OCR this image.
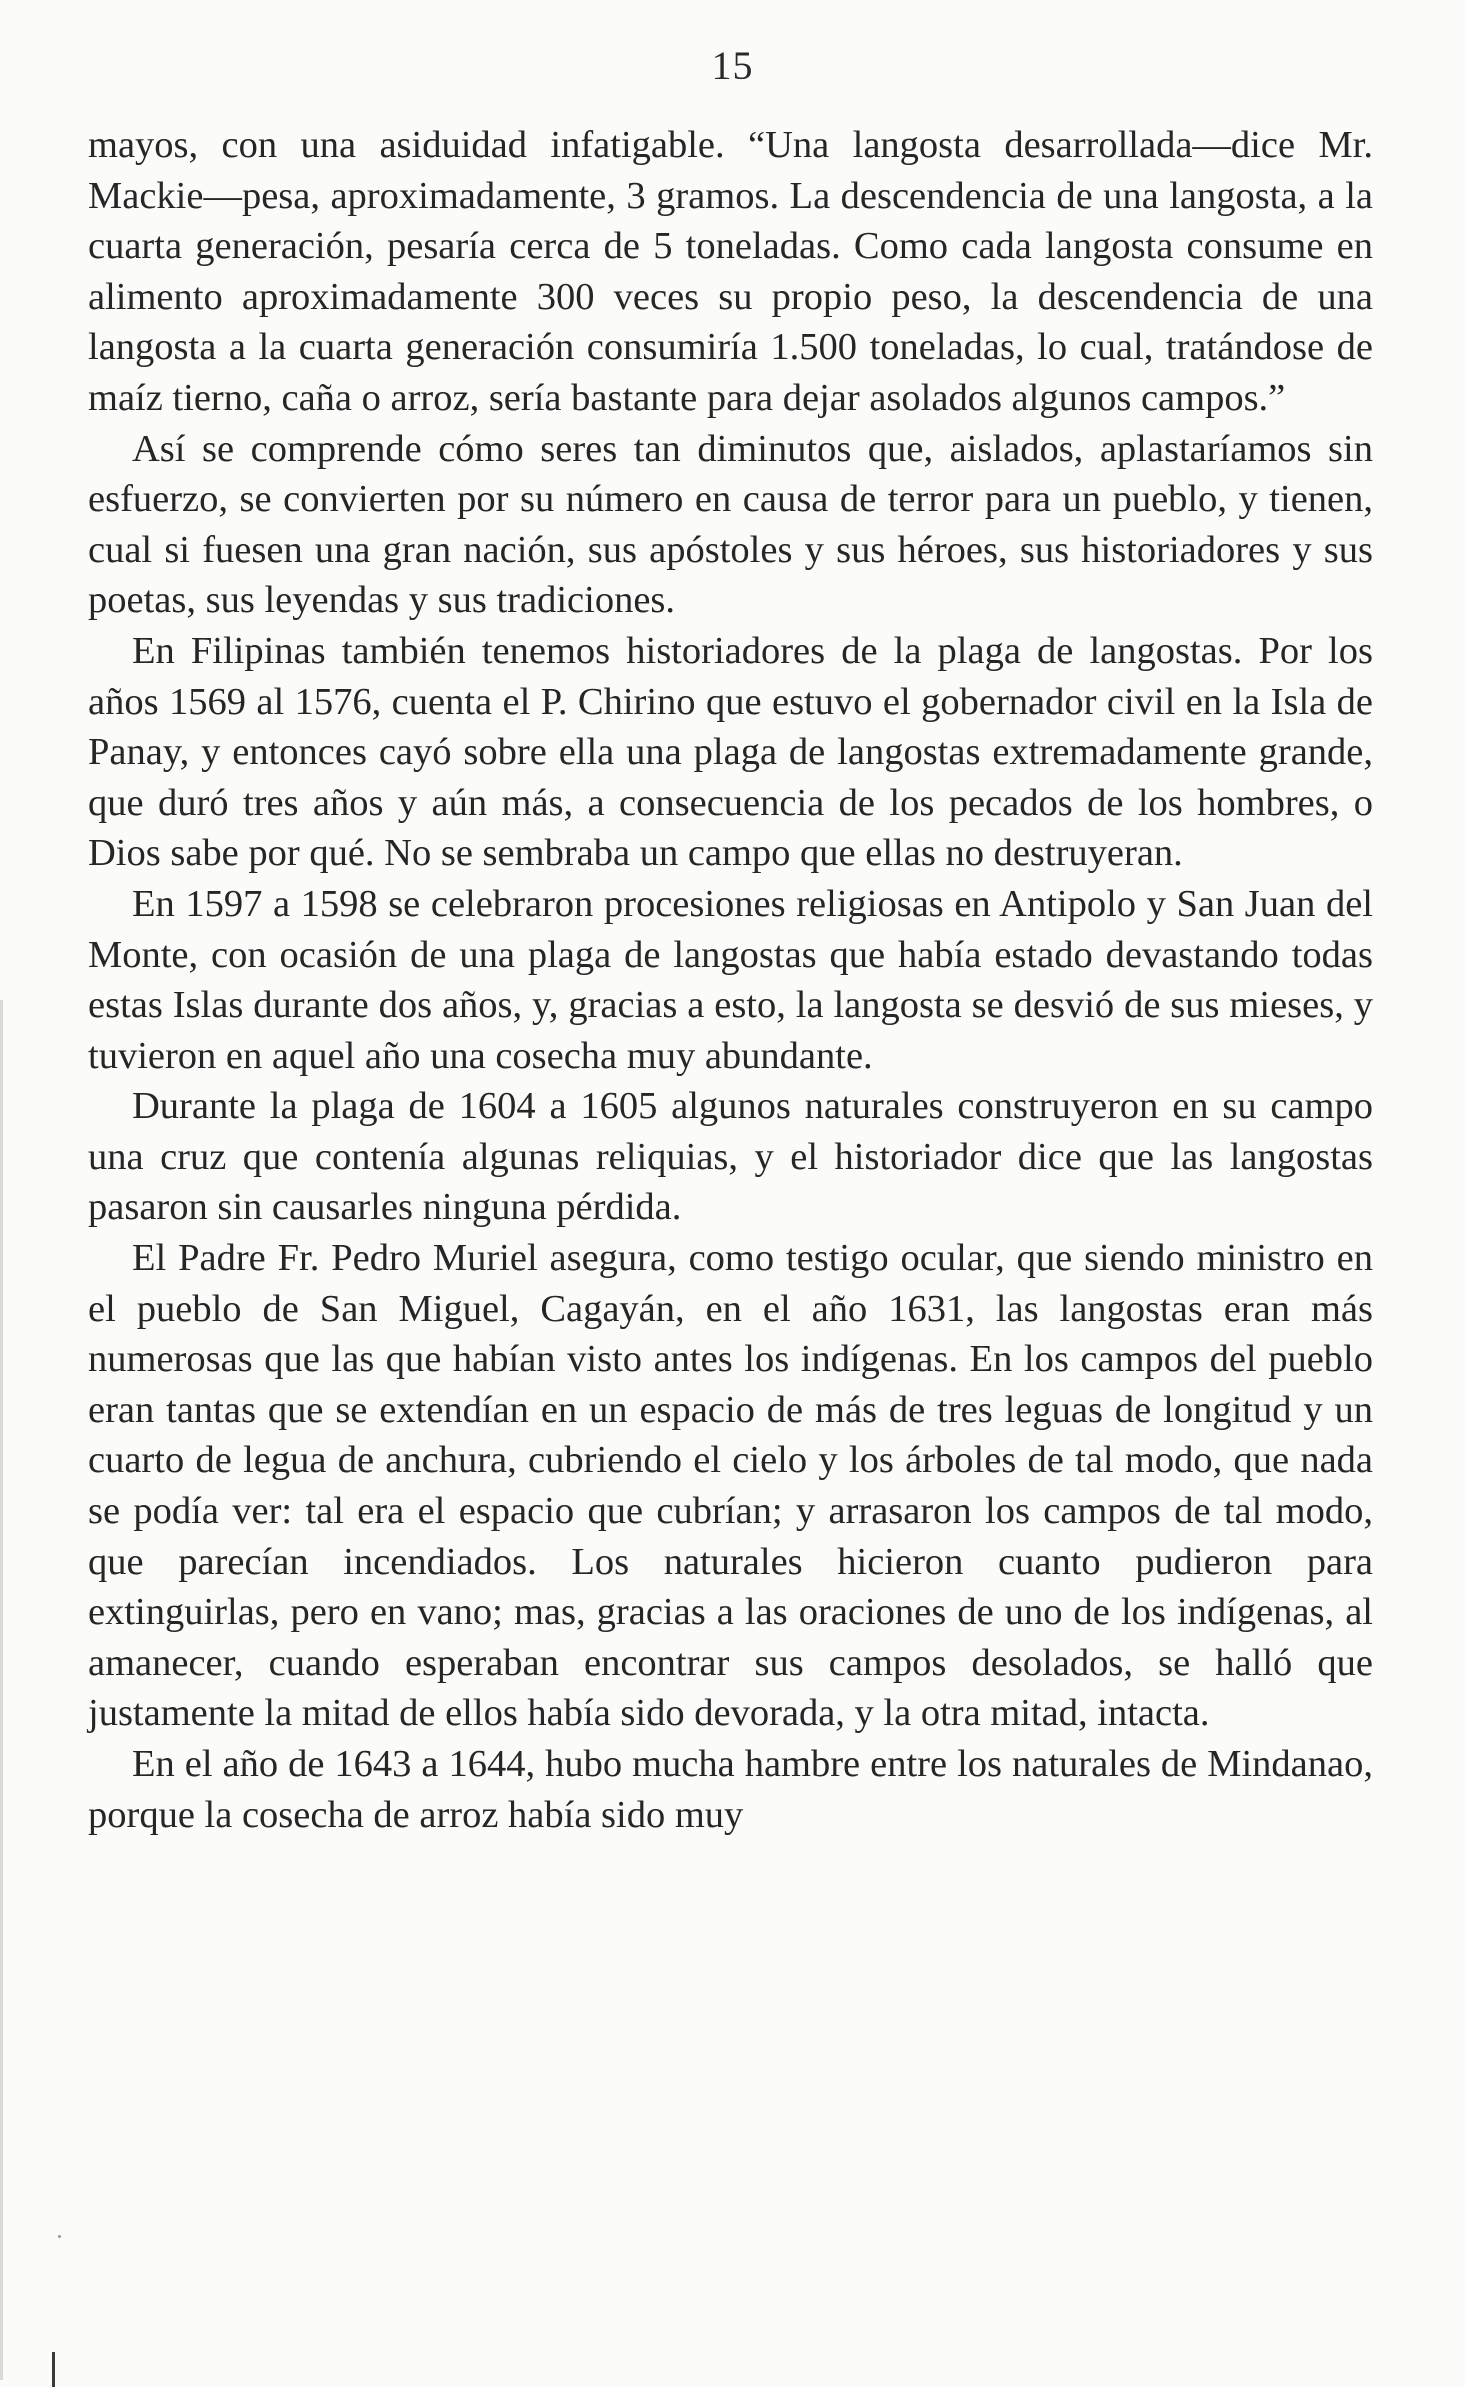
15

mayos, con una asiduidad infatigable. “Una langosta desarrollada—dice Mr. Mackie—pesa, aproximadamente, 3 gramos. La descendencia de una langosta, a la cuarta generación, pesaría cerca de 5 toneladas. Como cada langosta consume en alimento aproximadamente 300 veces su propio peso, la descendencia de una langosta a la cuarta generación consumiría 1.500 toneladas, lo cual, tratándose de maíz tierno, caña o arroz, sería bastante para dejar asolados algunos campos.”

Así se comprende cómo seres tan diminutos que, aislados, aplastaríamos sin esfuerzo, se convierten por su número en causa de terror para un pueblo, y tienen, cual si fuesen una gran nación, sus apóstoles y sus héroes, sus historiadores y sus poetas, sus leyendas y sus tradiciones.

En Filipinas también tenemos historiadores de la plaga de langostas. Por los años 1569 al 1576, cuenta el P. Chirino que estuvo el gobernador civil en la Isla de Panay, y entonces cayó sobre ella una plaga de langostas extremadamente grande, que duró tres años y aún más, a consecuencia de los pecados de los hombres, o Dios sabe por qué. No se sembraba un campo que ellas no destruyeran.

En 1597 a 1598 se celebraron procesiones religiosas en Antipolo y San Juan del Monte, con ocasión de una plaga de langostas que había estado devastando todas estas Islas durante dos años, y, gracias a esto, la langosta se desvió de sus mieses, y tuvieron en aquel año una cosecha muy abundante.

Durante la plaga de 1604 a 1605 algunos naturales construyeron en su campo una cruz que contenía algunas reliquias, y el historiador dice que las langostas pasaron sin causarles ninguna pérdida.

El Padre Fr. Pedro Muriel asegura, como testigo ocular, que siendo ministro en el pueblo de San Miguel, Cagayán, en el año 1631, las langostas eran más numerosas que las que habían visto antes los indígenas. En los campos del pueblo eran tantas que se extendían en un espacio de más de tres leguas de longitud y un cuarto de legua de anchura, cubriendo el cielo y los árboles de tal modo, que nada se podía ver: tal era el espacio que cubrían; y arrasaron los campos de tal modo, que parecían incendiados. Los naturales hicieron cuanto pudieron para extinguirlas, pero en vano; mas, gracias a las oraciones de uno de los indígenas, al amanecer, cuando esperaban encontrar sus campos desolados, se halló que justamente la mitad de ellos había sido devorada, y la otra mitad, intacta.

En el año de 1643 a 1644, hubo mucha hambre entre los naturales de Mindanao, porque la cosecha de arroz había sido muy
